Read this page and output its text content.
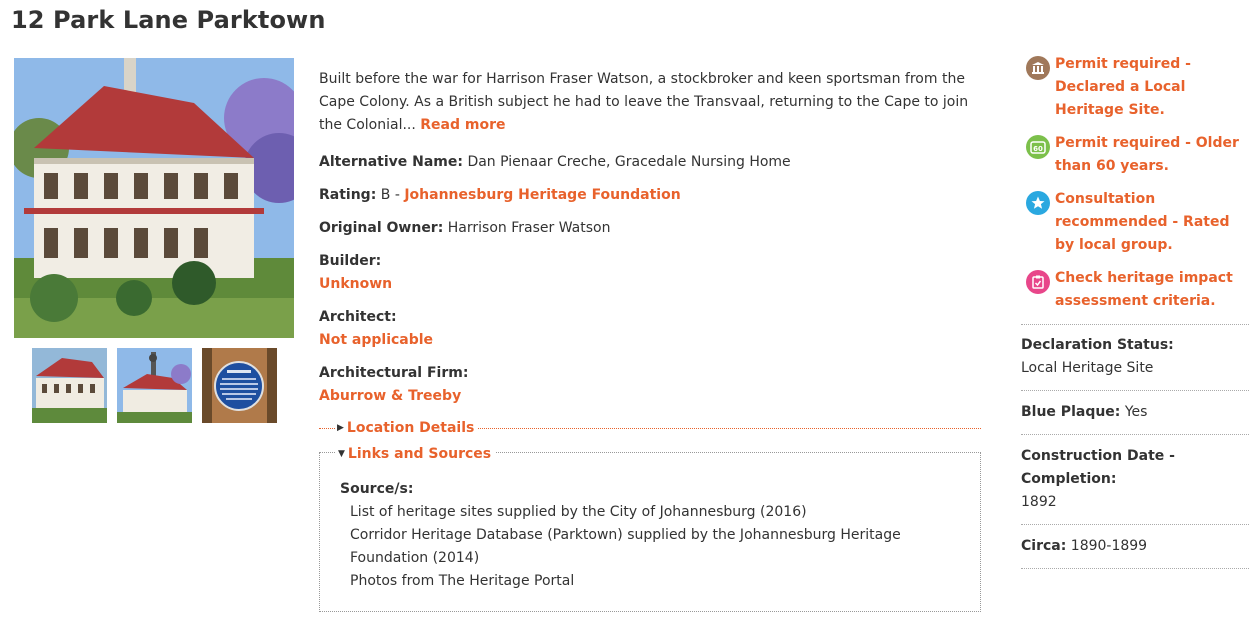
12 Park Lane Parktown

Built before the war for Harrison Fraser Watson, a stockbroker and keen sportsman from the Cape Colony. As a British subject he had to leave the Transvaal, returning to the Cape to join the Colonial... Read more

Alternative Name: Dan Pienaar Creche, Gracedale Nursing Home
Rating: B - Johannesburg Heritage Foundation
Original Owner: Harrison Fraser Watson
Builder:
Unknown
Architect:
Not applicable
Architectural Firm:
Aburrow & Treeby
▶ Location Details
▼ Links and Sources
Source/s:
List of heritage sites supplied by the City of Johannesburg (2016)
Corridor Heritage Database (Parktown) supplied by the Johannesburg Heritage Foundation (2014)
Photos from The Heritage Portal
Permit required - Declared a Local Heritage Site.
60 Permit required - Older than 60 years.
Consultation recommended - Rated by local group.
Check heritage impact assessment criteria.
Declaration Status:
Local Heritage Site
Blue Plaque: Yes
Construction Date - Completion:
1892
Circa: 1890-1899
